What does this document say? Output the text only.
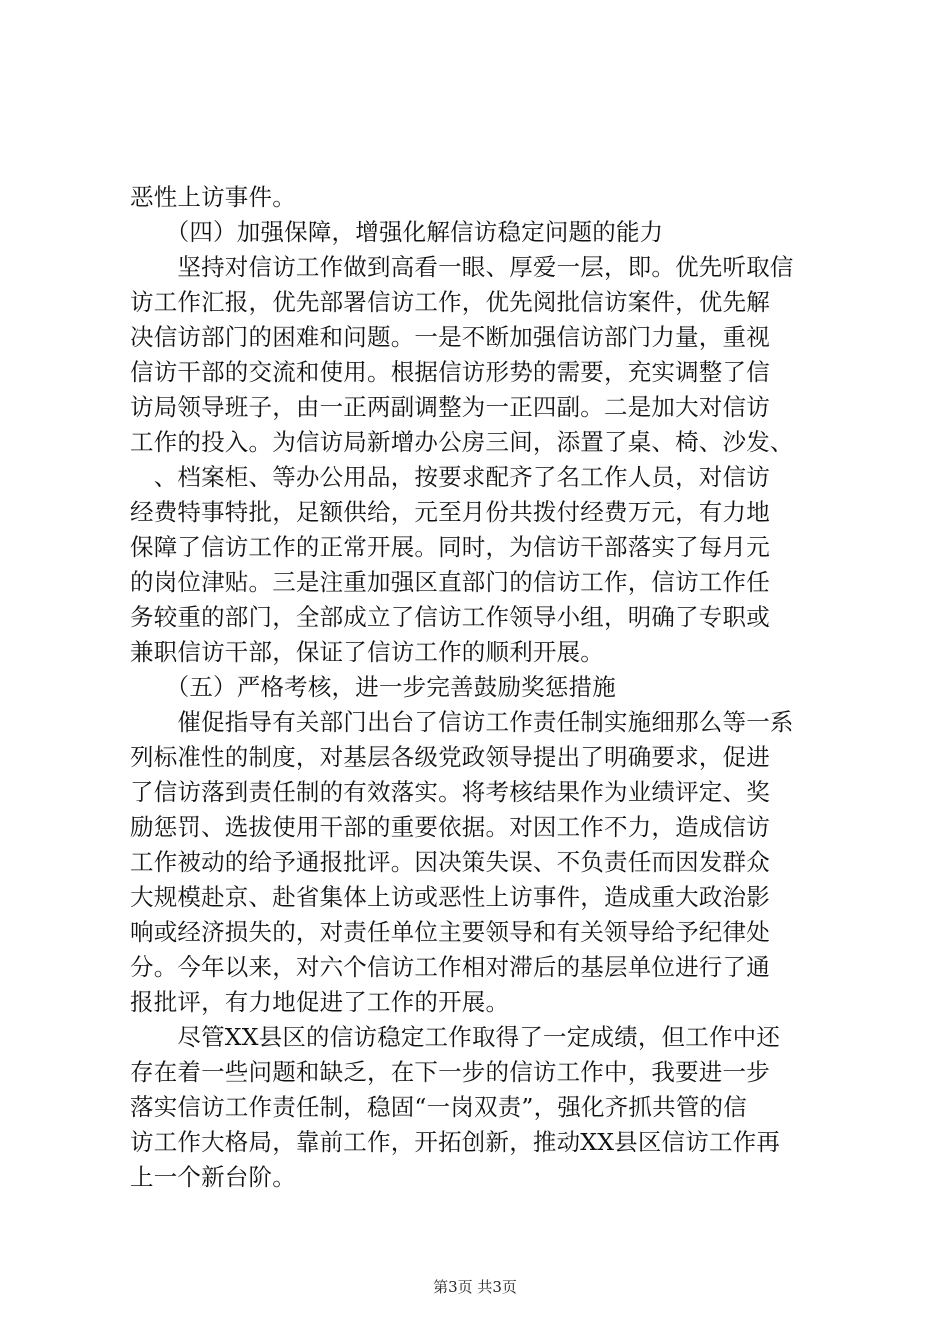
恶性上访事件。
　　（四）加强保障，增强化解信访稳定问题的能力
　　坚持对信访工作做到高看一眼、厚爱一层，即。优先听取信
访工作汇报，优先部署信访工作，优先阅批信访案件，优先解
决信访部门的困难和问题。一是不断加强信访部门力量，重视
信访干部的交流和使用。根据信访形势的需要，充实调整了信
访局领导班子，由一正两副调整为一正四副。二是加大对信访
工作的投入。为信访局新增办公房三间，添置了桌、椅、沙发、
　、档案柜、等办公用品，按要求配齐了名工作人员，对信访
经费特事特批，足额供给，元至月份共拨付经费万元，有力地
保障了信访工作的正常开展。同时，为信访干部落实了每月元
的岗位津贴。三是注重加强区直部门的信访工作，信访工作任
务较重的部门，全部成立了信访工作领导小组，明确了专职或
兼职信访干部，保证了信访工作的顺利开展。
　　（五）严格考核，进一步完善鼓励奖惩措施
　　催促指导有关部门出台了信访工作责任制实施细那么等一系
列标准性的制度，对基层各级党政领导提出了明确要求，促进
了信访落到责任制的有效落实。将考核结果作为业绩评定、奖
励惩罚、选拔使用干部的重要依据。对因工作不力，造成信访
工作被动的给予通报批评。因决策失误、不负责任而因发群众
大规模赴京、赴省集体上访或恶性上访事件，造成重大政治影
响或经济损失的，对责任单位主要领导和有关领导给予纪律处
分。今年以来，对六个信访工作相对滞后的基层单位进行了通
报批评，有力地促进了工作的开展。
　　尽管XX县区的信访稳定工作取得了一定成绩，但工作中还
存在着一些问题和缺乏，在下一步的信访工作中，我要进一步
落实信访工作责任制，稳固“一岗双责”，强化齐抓共管的信
访工作大格局，靠前工作，开拓创新，推动XX县区信访工作再
上一个新台阶。
第3页 共3页
